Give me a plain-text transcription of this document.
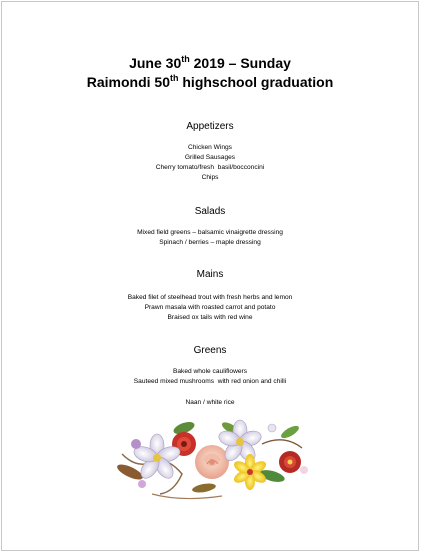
June 30th 2019 – Sunday
Raimondi 50th highschool graduation
Appetizers
Chicken Wings
Grilled Sausages
Cherry tomato/fresh  basil/bocconcini
Chips
Salads
Mixed field greens – balsamic vinaigrette dressing
Spinach / berries – maple dressing
Mains
Baked filet of steelhead trout with fresh herbs and lemon
Prawn masala with roasted carrot and potato
Braised ox tails with red wine
Greens
Baked whole cauliflowers
Sauteed mixed mushrooms  with red onion and chilli
Naan / white rice
